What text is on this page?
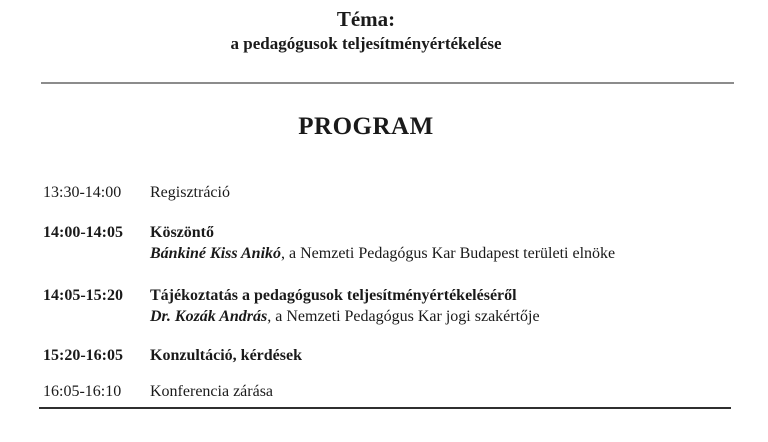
Téma:
a pedagógusok teljesítményértékelése
PROGRAM
13:30-14:00	Regisztráció
14:00-14:05	Köszöntő
Bánkiné Kiss Anikó, a Nemzeti Pedagógus Kar Budapest területi elnöke
14:05-15:20	Tájékoztatás a pedagógusok teljesítményértékeléséről
Dr. Kozák András, a Nemzeti Pedagógus Kar jogi szakértője
15:20-16:05	Konzultáció, kérdések
16:05-16:10	Konferencia zárása
